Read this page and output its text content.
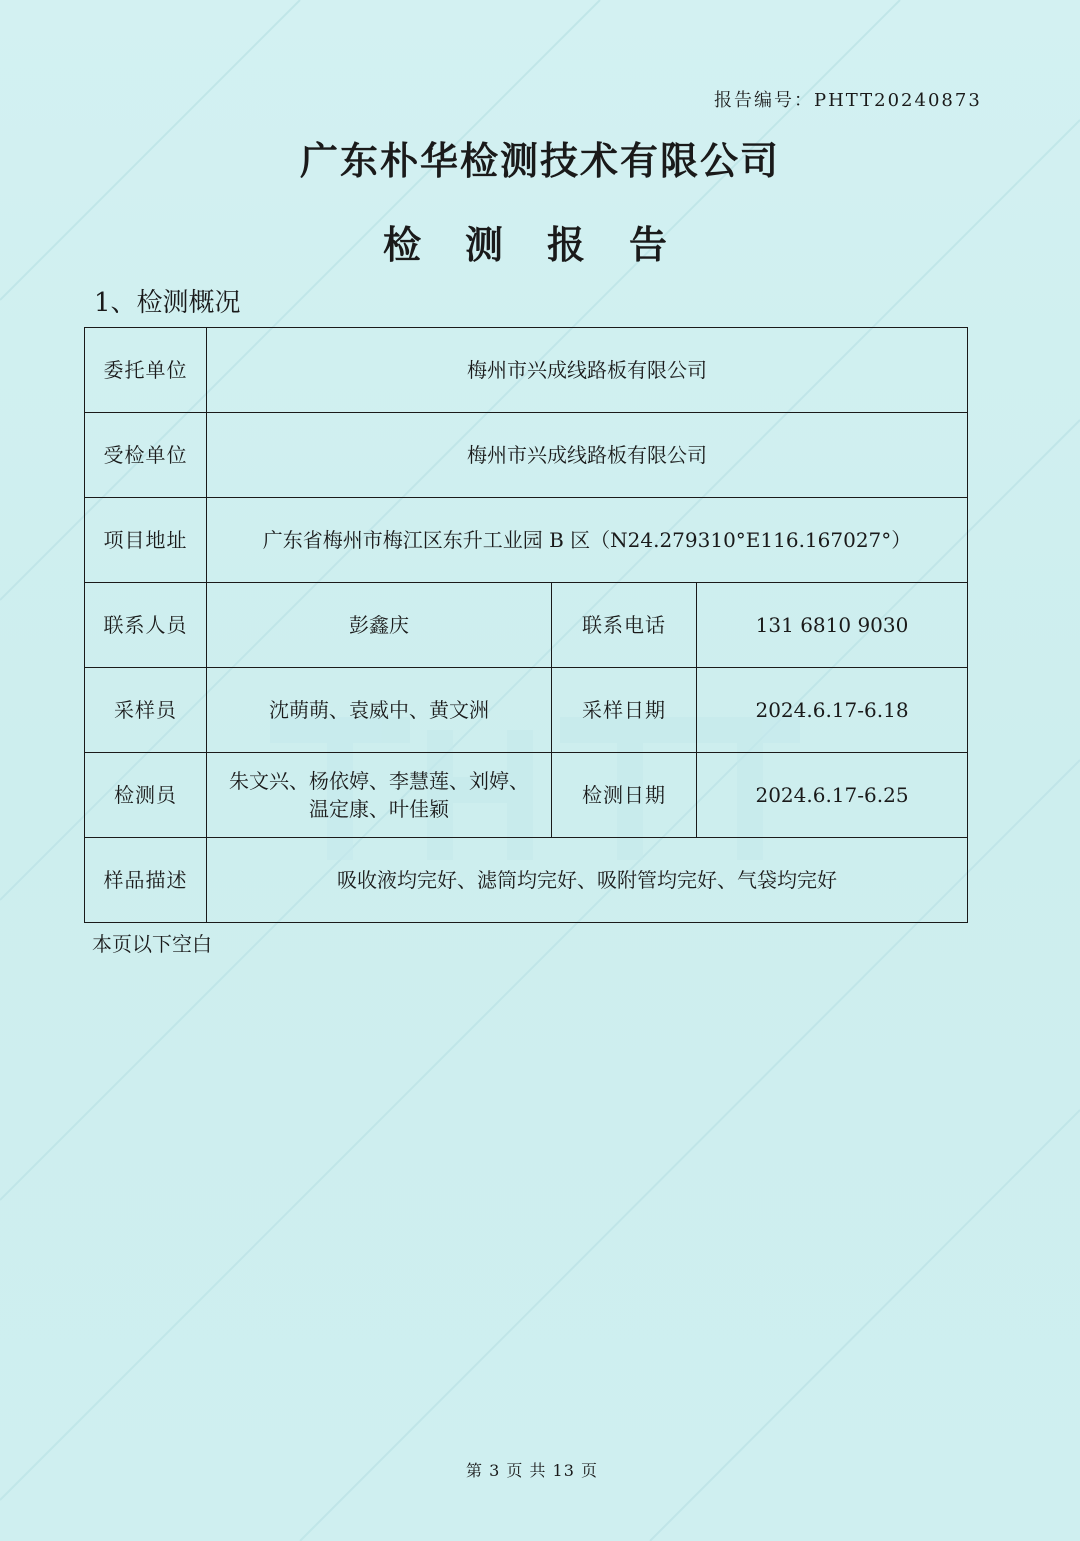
报告编号：PHTT20240873
广东朴华检测技术有限公司
检测报告
1、检测概况
委托单位	梅州市兴成线路板有限公司		
受检单位	梅州市兴成线路板有限公司		
项目地址	广东省梅州市梅江区东升工业园 B 区（N24.279310°E116.167027°）		
联系人员	彭鑫庆	联系电话	131 6810 9030
采样员	沈萌萌、袁威中、黄文洲	采样日期	2024.6.17-6.18
检测员	朱文兴、杨依婷、李慧莲、刘婷、
温定康、叶佳颖	检测日期	2024.6.17-6.25
样品描述	吸收液均完好、滤筒均完好、吸附管均完好、气袋均完好		
本页以下空白
第 3 页 共 13 页
